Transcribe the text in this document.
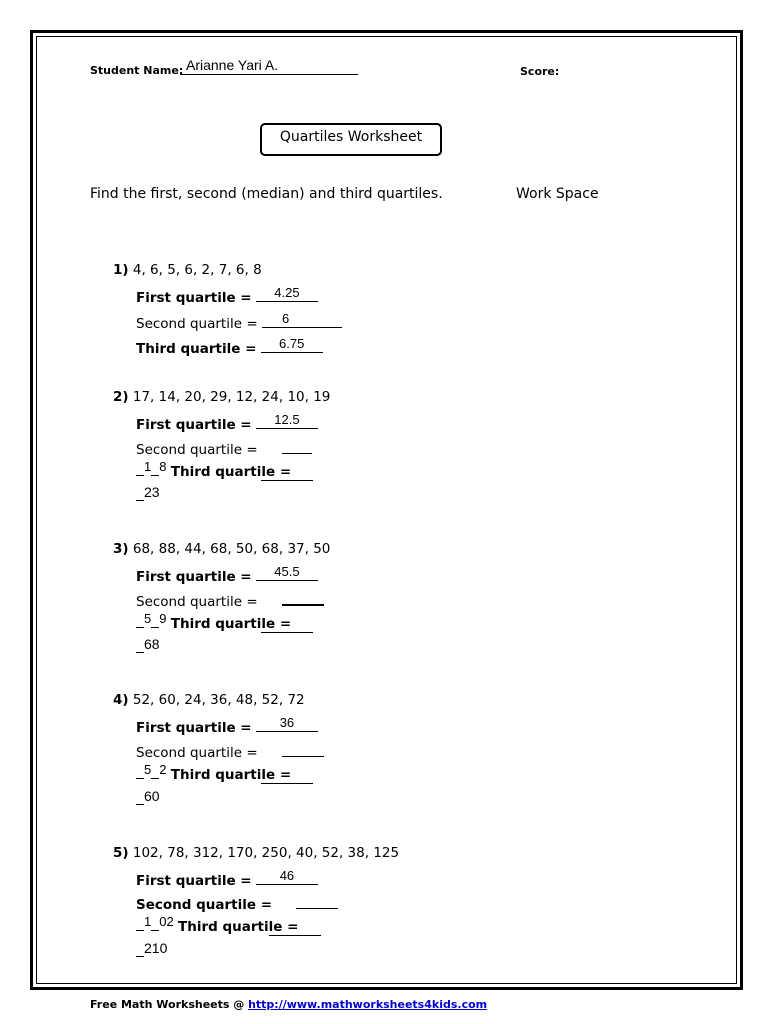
Student Name: Arianne Yari A.	Score:
Quartiles Worksheet
Find the first, second (median) and third quartiles.	Work Space
1) 4, 6, 5, 6, 2, 7, 6, 8
First quartile = 4.25
Second quartile = 6
Third quartile = 6.75
2) 17, 14, 20, 29, 12, 24, 10, 19
First quartile = 12.5
Second quartile =
1 8 Third quartile =
23
3) 68, 88, 44, 68, 50, 68, 37, 50
First quartile = 45.5
Second quartile =
5 9 Third quartile =
68
4) 52, 60, 24, 36, 48, 52, 72
First quartile = 36
Second quartile =
5 2 Third quartile =
60
5) 102, 78, 312, 170, 250, 40, 52, 38, 125
First quartile = 46
Second quartile =
1 02 Third quartile =
210
Free Math Worksheets @ http://www.mathworksheets4kids.com
